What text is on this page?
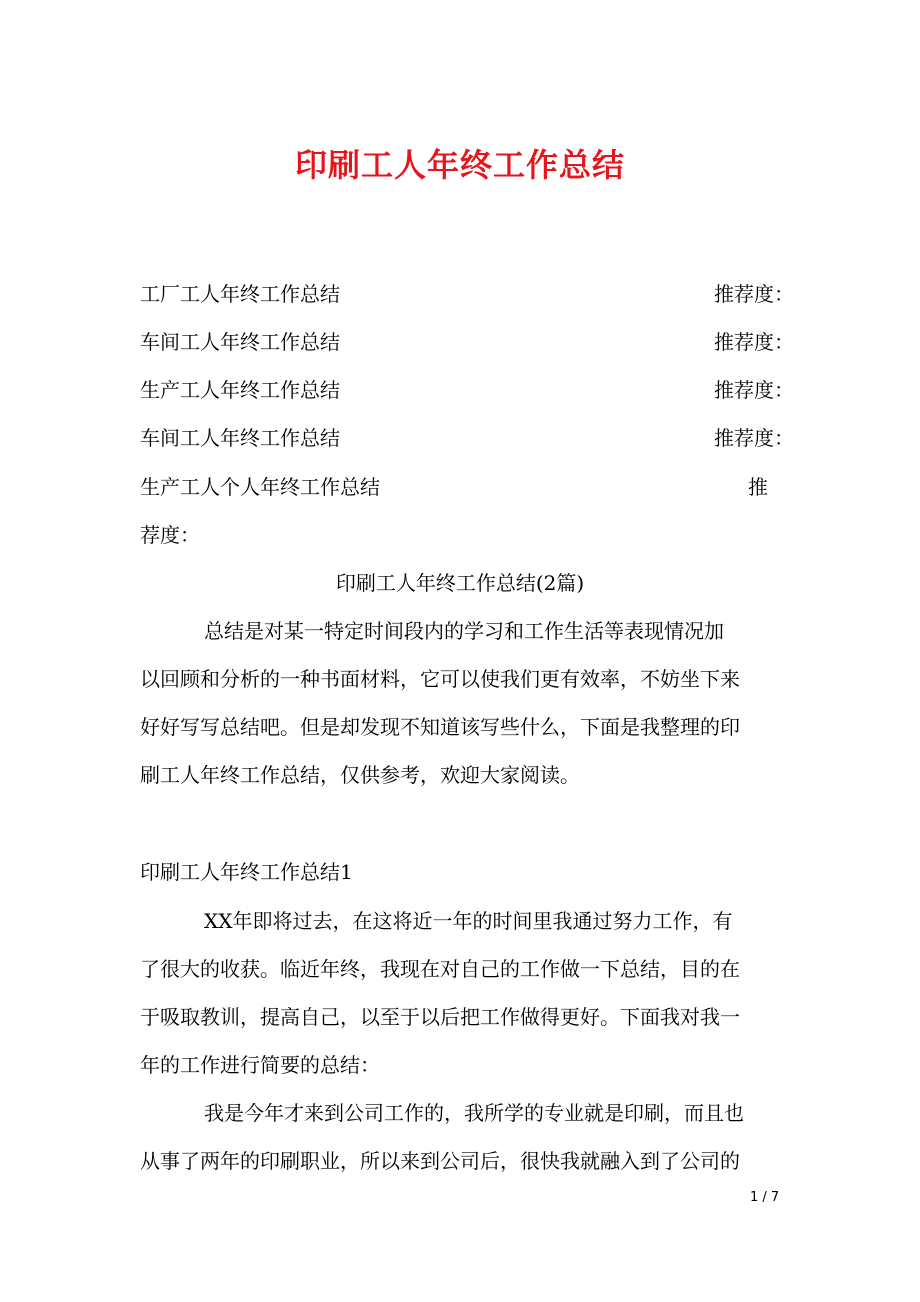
印刷工人年终工作总结
工厂工人年终工作总结	推荐度：
车间工人年终工作总结	推荐度：
生产工人年终工作总结	推荐度：
车间工人年终工作总结	推荐度：
生产工人个人年终工作总结	推
荐度：
印刷工人年终工作总结(2篇)
总结是对某一特定时间段内的学习和工作生活等表现情况加
以回顾和分析的一种书面材料，它可以使我们更有效率，不妨坐下来
好好写写总结吧。但是却发现不知道该写些什么，下面是我整理的印
刷工人年终工作总结，仅供参考，欢迎大家阅读。
印刷工人年终工作总结1
XX年即将过去，在这将近一年的时间里我通过努力工作，有
了很大的收获。临近年终，我现在对自己的工作做一下总结，目的在
于吸取教训，提高自己，以至于以后把工作做得更好。下面我对我一
年的工作进行简要的总结：
我是今年才来到公司工作的，我所学的专业就是印刷，而且也
从事了两年的印刷职业，所以来到公司后，很快我就融入到了公司的
1 / 7
